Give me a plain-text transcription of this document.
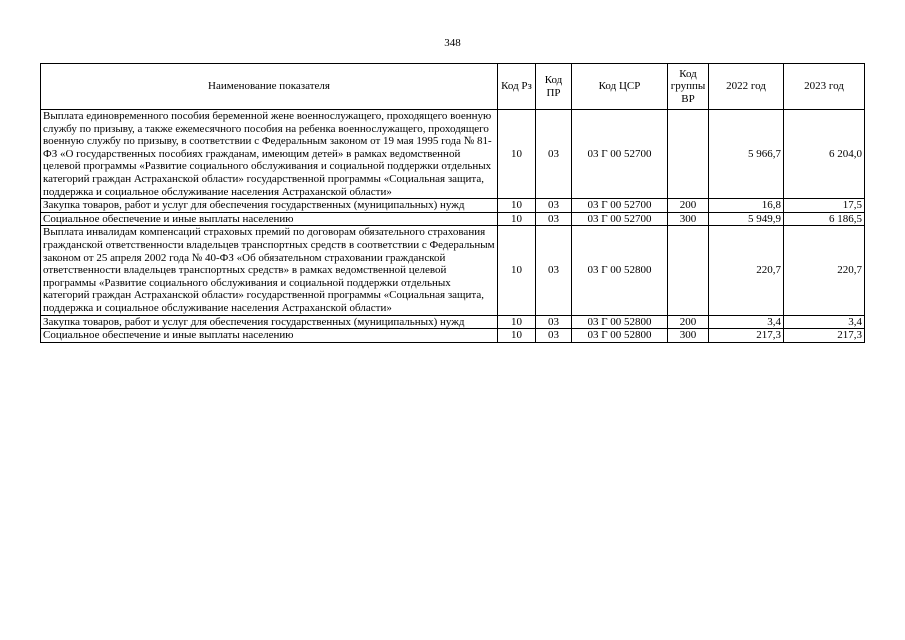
348
Наименование показателя	Код Рз	Код ПР	Код ЦСР	Код группы ВР	2022 год	2023 год
Выплата единовременного пособия беременной жене военнослужащего, проходящего военную службу по призыву, а также ежемесячного пособия на ребенка военнослужащего, проходящего военную службу по призыву, в соответствии с Федеральным законом от 19 мая 1995 года № 81-ФЗ «О государственных пособиях гражданам, имеющим детей» в рамках ведомственной целевой программы «Развитие социального обслуживания и социальной поддержки отдельных категорий граждан Астраханской области» государственной программы «Социальная защита, поддержка и социальное обслуживание населения Астраханской области»	10	03	03 Г 00 52700		5 966,7	6 204,0
Закупка товаров, работ и услуг для обеспечения государственных (муниципальных) нужд	10	03	03 Г 00 52700	200	16,8	17,5
Социальное обеспечение и иные выплаты населению	10	03	03 Г 00 52700	300	5 949,9	6 186,5
Выплата инвалидам компенсаций страховых премий по договорам обязательного страхования гражданской ответственности владельцев транспортных средств в соответствии с Федеральным законом от 25 апреля 2002 года № 40-ФЗ «Об обязательном страховании гражданской ответственности владельцев транспортных средств» в рамках ведомственной целевой программы «Развитие социального обслуживания и социальной поддержки отдельных категорий граждан Астраханской области» государственной программы «Социальная защита, поддержка и социальное обслуживание населения Астраханской области»	10	03	03 Г 00 52800		220,7	220,7
Закупка товаров, работ и услуг для обеспечения государственных (муниципальных) нужд	10	03	03 Г 00 52800	200	3,4	3,4
Социальное обеспечение и иные выплаты населению	10	03	03 Г 00 52800	300	217,3	217,3
